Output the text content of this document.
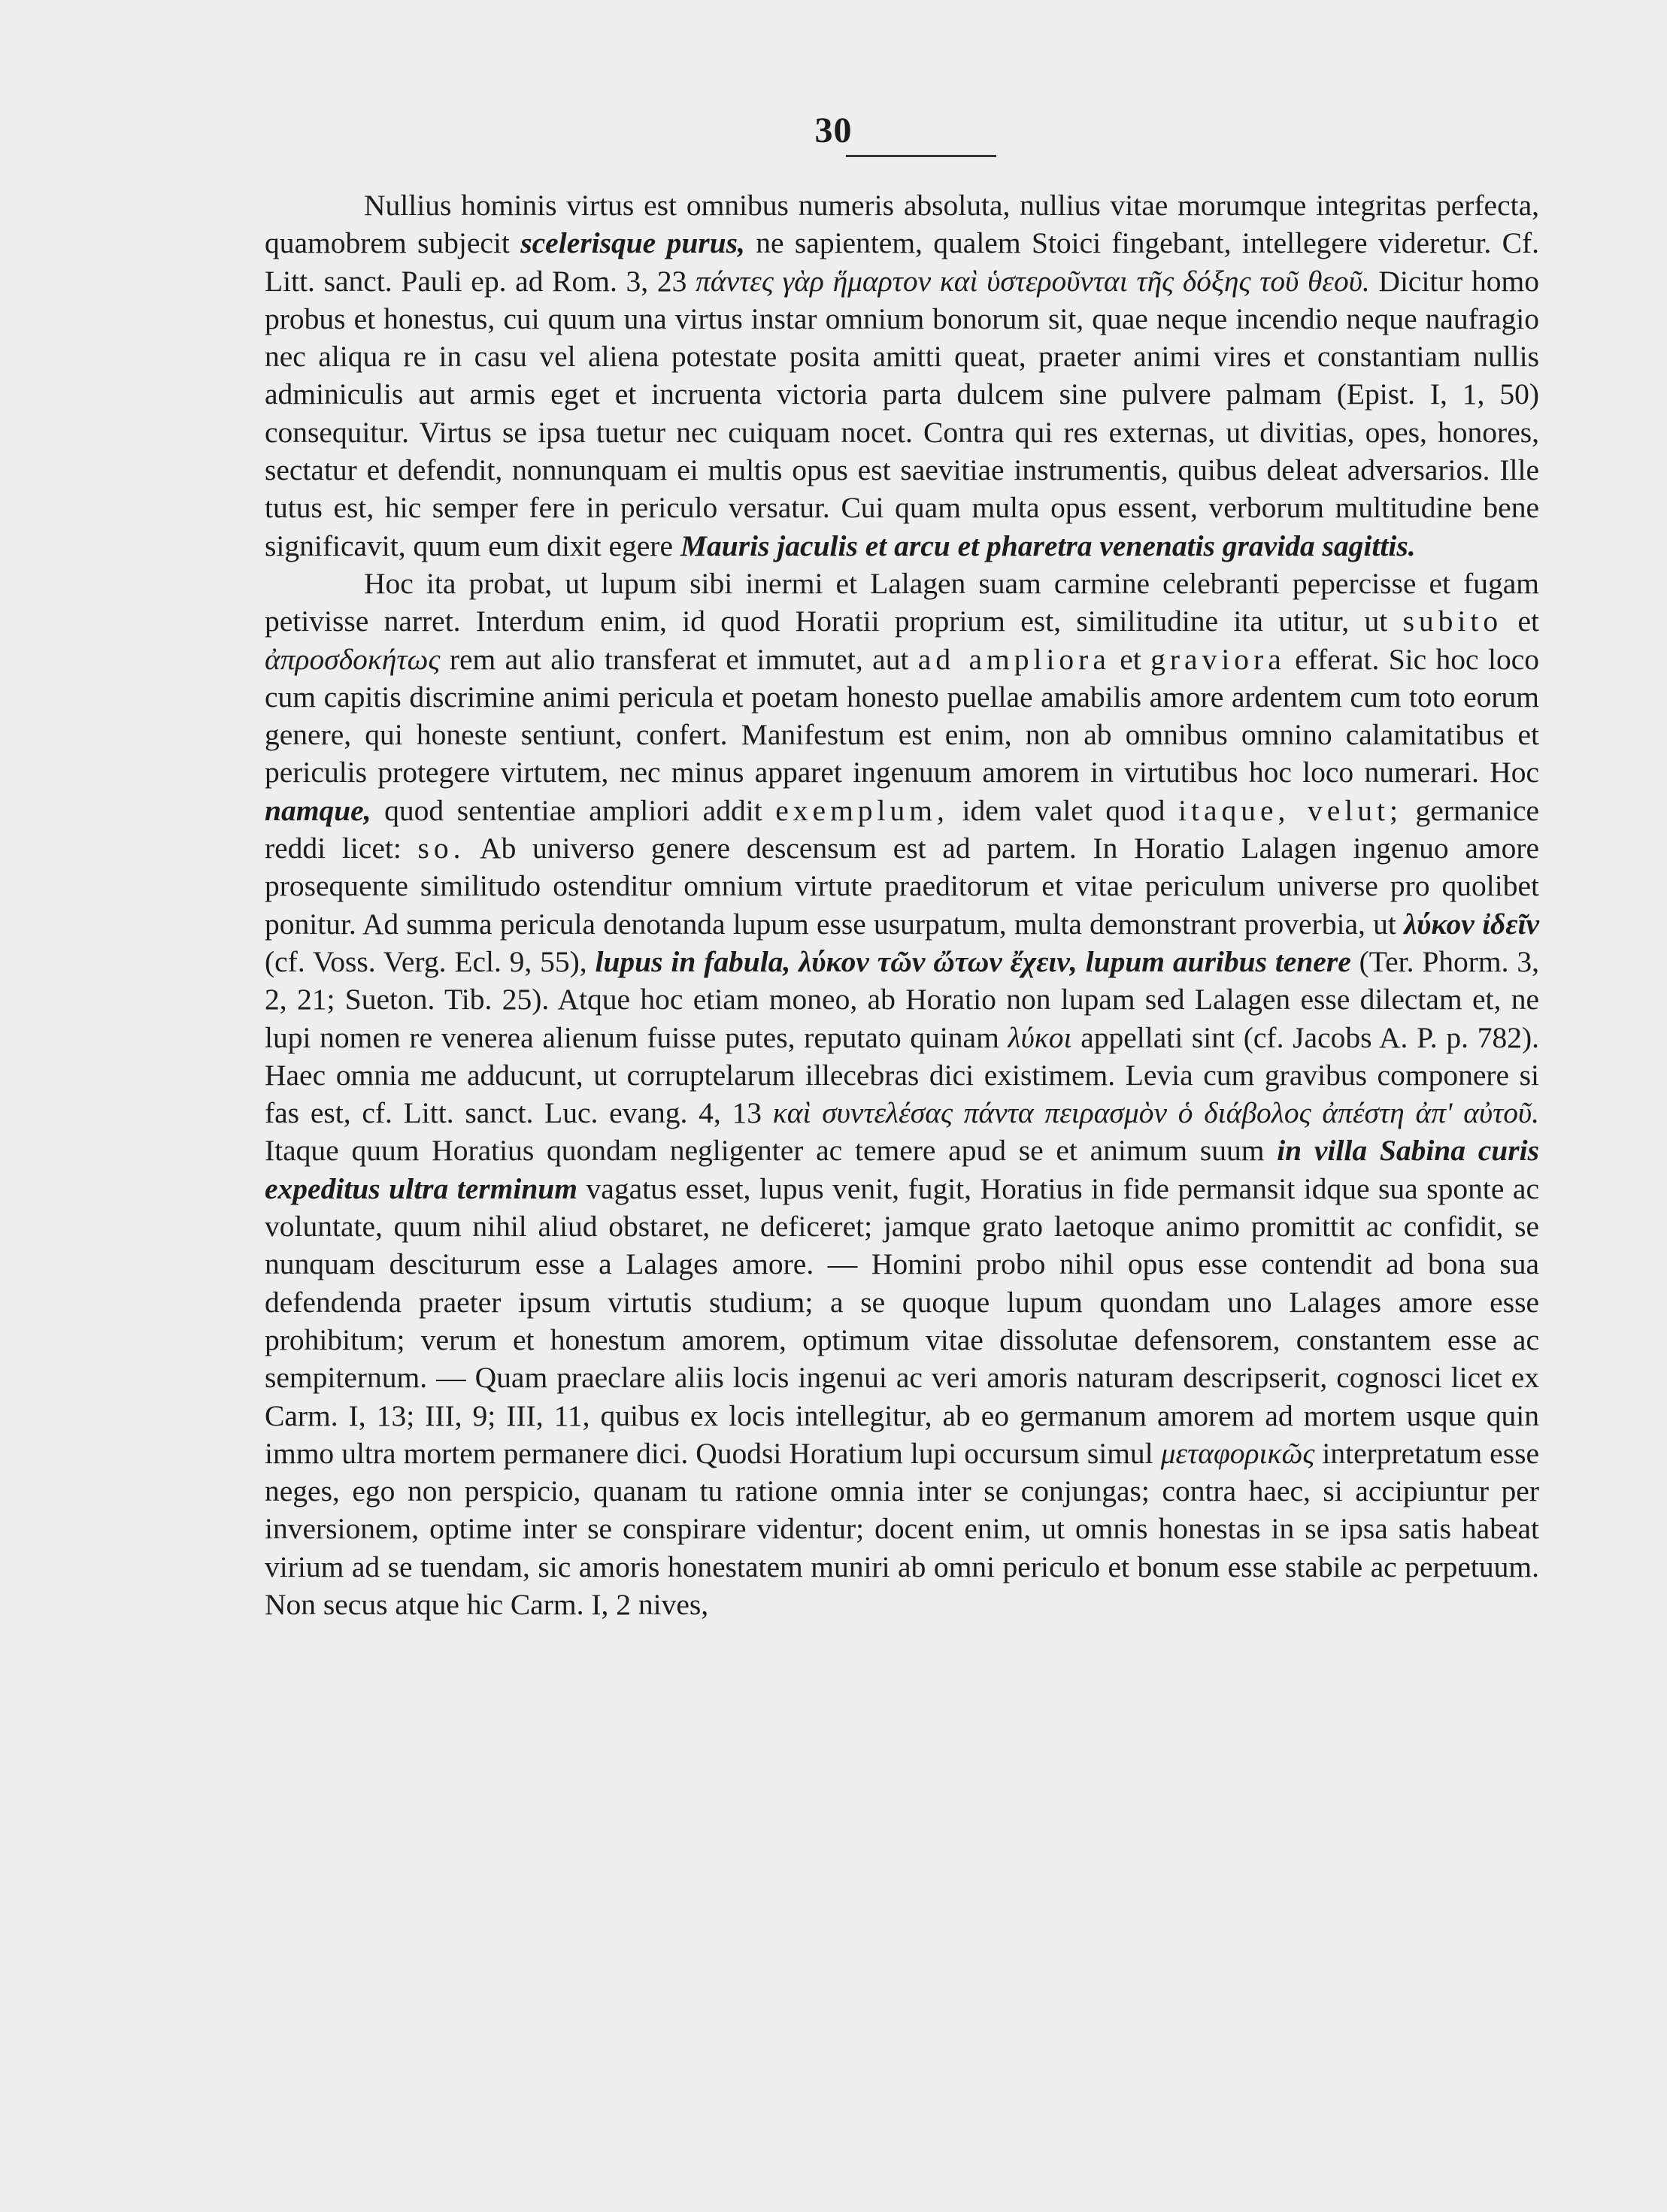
30

Nullius hominis virtus est omnibus numeris absoluta, nullius vitae morumque integritas perfecta, quamobrem subjecit scelerisque purus, ne sapientem, qualem Stoici fingebant, intellegere videretur. Cf. Litt. sanct. Pauli ep. ad Rom. 3, 23 πάντες γὰρ ἥμαρτον καὶ ὑστεροῦνται τῆς δόξης τοῦ θεοῦ. Dicitur homo probus et honestus, cui quum una virtus instar omnium bonorum sit, quae neque incendio neque naufragio nec aliqua re in casu vel aliena potestate posita amitti queat, praeter animi vires et constantiam nullis adminiculis aut armis eget et incruenta victoria parta dulcem sine pulvere palmam (Epist. I, 1, 50) consequitur. Virtus se ipsa tuetur nec cuiquam nocet. Contra qui res externas, ut divitias, opes, honores, sectatur et defendit, nonnunquam ei multis opus est saevitiae instrumentis, quibus deleat adversarios. Ille tutus est, hic semper fere in periculo versatur. Cui quam multa opus essent, verborum multitudine bene significavit, quum eum dixit egere Mauris jaculis et arcu et pharetra venenatis gravida sagittis.

Hoc ita probat, ut lupum sibi inermi et Lalagen suam carmine celebranti pepercisse et fugam petivisse narret. Interdum enim, id quod Horatii proprium est, similitudine ita utitur, ut subito et ἀπροσδοκήτως rem aut alio transferat et immutet, aut ad ampliora et graviora efferat. Sic hoc loco cum capitis discrimine animi pericula et poetam honesto puellae amabilis amore ardentem cum toto eorum genere, qui honeste sentiunt, confert. Manifestum est enim, non ab omnibus omnino calamitatibus et periculis protegere virtutem, nec minus apparet ingenuum amorem in virtutibus hoc loco numerari. Hoc namque, quod sententiae ampliori addit exemplum, idem valet quod itaque, velut; germanice reddi licet: so. Ab universo genere descensum est ad partem. In Horatio Lalagen ingenuo amore prosequente similitudo ostenditur omnium virtute praeditorum et vitae periculum universe pro quolibet ponitur. Ad summa pericula denotanda lupum esse usurpatum, multa demonstrant proverbia, ut λύκον ἰδεῖν (cf. Voss. Verg. Ecl. 9, 55), lupus in fabula, λύκον τῶν ὤτων ἔχειν, lupum auribus tenere (Ter. Phorm. 3, 2, 21; Sueton. Tib. 25). Atque hoc etiam moneo, ab Horatio non lupam sed Lalagen esse dilectam et, ne lupi nomen re venerea alienum fuisse putes, reputato quinam λύκοι appellati sint (cf. Jacobs A. P. p. 782). Haec omnia me adducunt, ut corruptelarum illecebras dici existimem. Levia cum gravibus componere si fas est, cf. Litt. sanct. Luc. evang. 4, 13 καὶ συντελέσας πάντα πειρασμὸν ὁ διάβολος ἀπέστη ἀπ' αὐτοῦ. Itaque quum Horatius quondam negligenter ac temere apud se et animum suum in villa Sabina curis expeditus ultra terminum vagatus esset, lupus venit, fugit, Horatius in fide permansit idque sua sponte ac voluntate, quum nihil aliud obstaret, ne deficeret; jamque grato laetoque animo promittit ac confidit, se nunquam desciturum esse a Lalages amore. — Homini probo nihil opus esse contendit ad bona sua defendenda praeter ipsum virtutis studium; a se quoque lupum quondam uno Lalages amore esse prohibitum; verum et honestum amorem, optimum vitae dissolutae defensorem, constantem esse ac sempiternum. — Quam praeclare aliis locis ingenui ac veri amoris naturam descripserit, cognosci licet ex Carm. I, 13; III, 9; III, 11, quibus ex locis intellegitur, ab eo germanum amorem ad mortem usque quin immo ultra mortem permanere dici. Quodsi Horatium lupi occursum simul μεταφορικῶς interpretatum esse neges, ego non perspicio, quanam tu ratione omnia inter se conjungas; contra haec, si accipiuntur per inversionem, optime inter se conspirare videntur; docent enim, ut omnis honestas in se ipsa satis habeat virium ad se tuendam, sic amoris honestatem muniri ab omni periculo et bonum esse stabile ac perpetuum. Non secus atque hic Carm. I, 2 nives,
